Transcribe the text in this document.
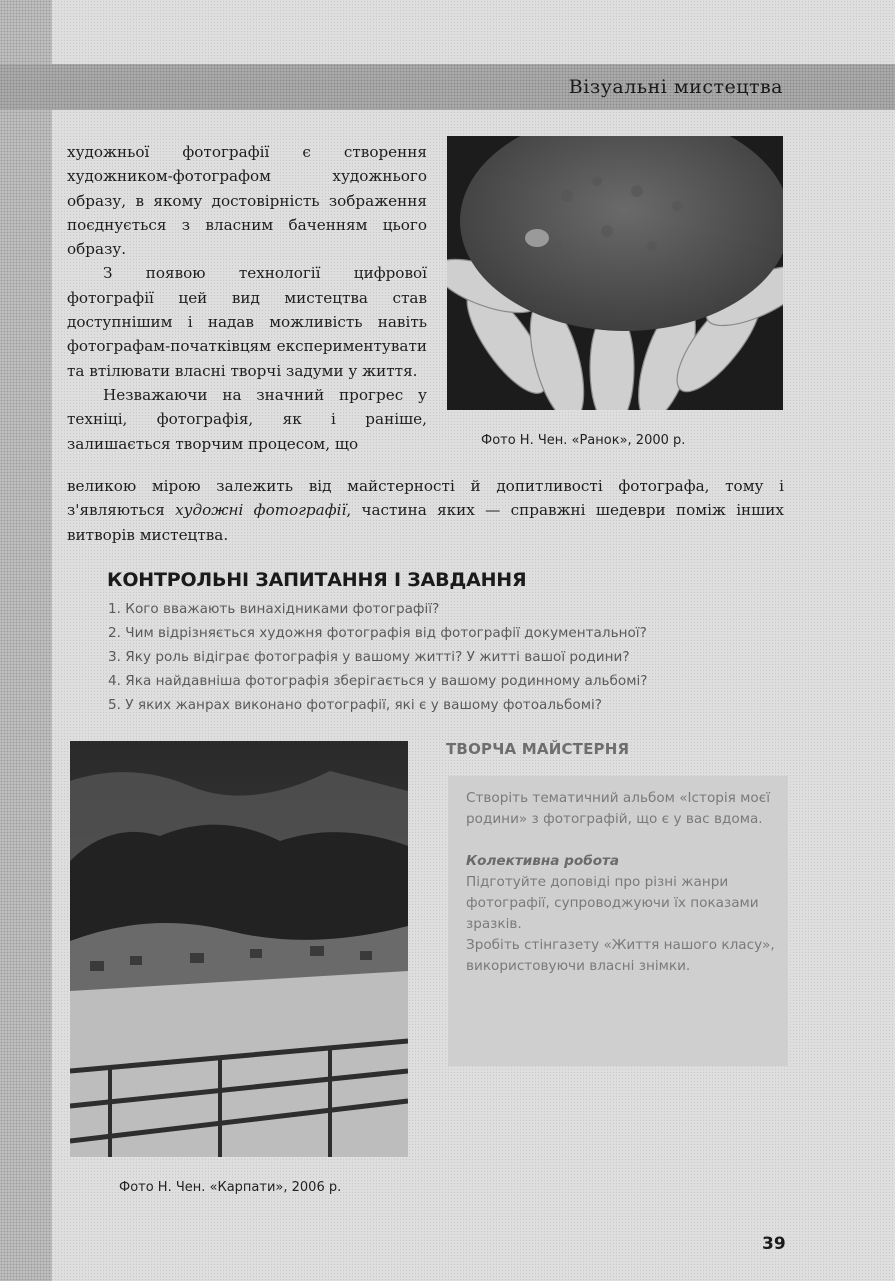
Візуальні мистецтва
Фото Н. Чен. «Ранок», 2000 р.

художньої фотографії є створення художником-фотографом художнього образу, в якому достовірність зображення поєднується з власним баченням цього образу.

З появою технології цифрової фотографії цей вид мистецтва став доступнішим і надав можливість навіть фотографам-початківцям експериментувати та втілювати власні творчі задуми у життя.

Незважаючи на значний прогрес у техніці, фотографія, як і раніше, залишається творчим процесом, що

великою мірою залежить від майстерності й допитливості фотографа, тому і з'являються художні фотографії, частина яких — справжні шедеври поміж інших витворів мистецтва.

КОНТРОЛЬНІ ЗАПИТАННЯ І ЗАВДАННЯ
1. Кого вважають винахідниками фотографії?
2. Чим відрізняється художня фотографія від фотографії документальної?
3. Яку роль відіграє фотографія у вашому житті? У житті вашої родини?
4. Яка найдавніша фотографія зберігається у вашому родинному альбомі?
5. У яких жанрах виконано фотографії, які є у вашому фотоальбомі?
Фото Н. Чен. «Карпати», 2006 р.
ТВОРЧА МАЙСТЕРНЯ

Створіть тематичний альбом «Історія моєї родини» з фотографій, що є у вас вдома.

Колективна робота

Підготуйте доповіді про різні жанри фотографії, супроводжуючи їх показами зразків.

Зробіть стінгазету «Життя нашого класу», використовуючи власні знімки.

39
